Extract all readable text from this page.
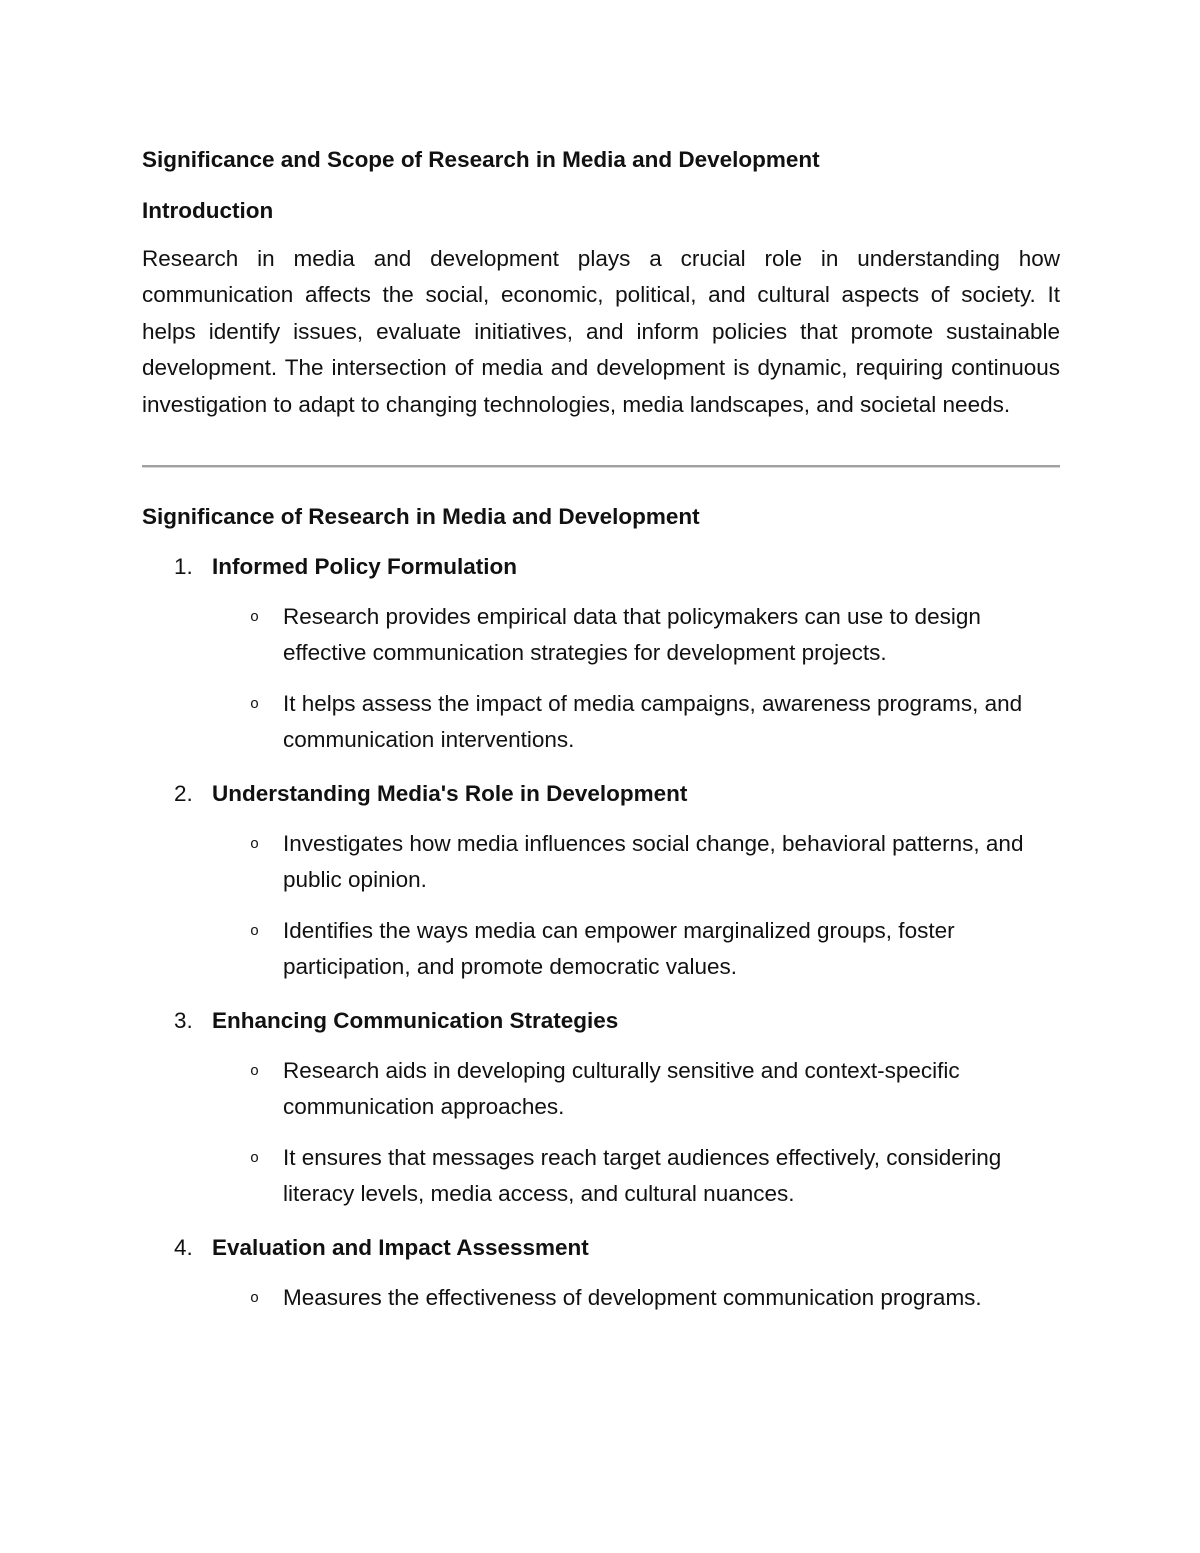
Significance and Scope of Research in Media and Development
Introduction

Research in media and development plays a crucial role in understanding how communication affects the social, economic, political, and cultural aspects of society. It helps identify issues, evaluate initiatives, and inform policies that promote sustainable development. The intersection of media and development is dynamic, requiring continuous investigation to adapt to changing technologies, media landscapes, and societal needs.

Significance of Research in Media and Development
1. Informed Policy Formulation
o Research provides empirical data that policymakers can use to design effective communication strategies for development projects.
o It helps assess the impact of media campaigns, awareness programs, and communication interventions.
2. Understanding Media's Role in Development
o Investigates how media influences social change, behavioral patterns, and public opinion.
o Identifies the ways media can empower marginalized groups, foster participation, and promote democratic values.
3. Enhancing Communication Strategies
o Research aids in developing culturally sensitive and context-specific communication approaches.
o It ensures that messages reach target audiences effectively, considering literacy levels, media access, and cultural nuances.
4. Evaluation and Impact Assessment
o Measures the effectiveness of development communication programs.
